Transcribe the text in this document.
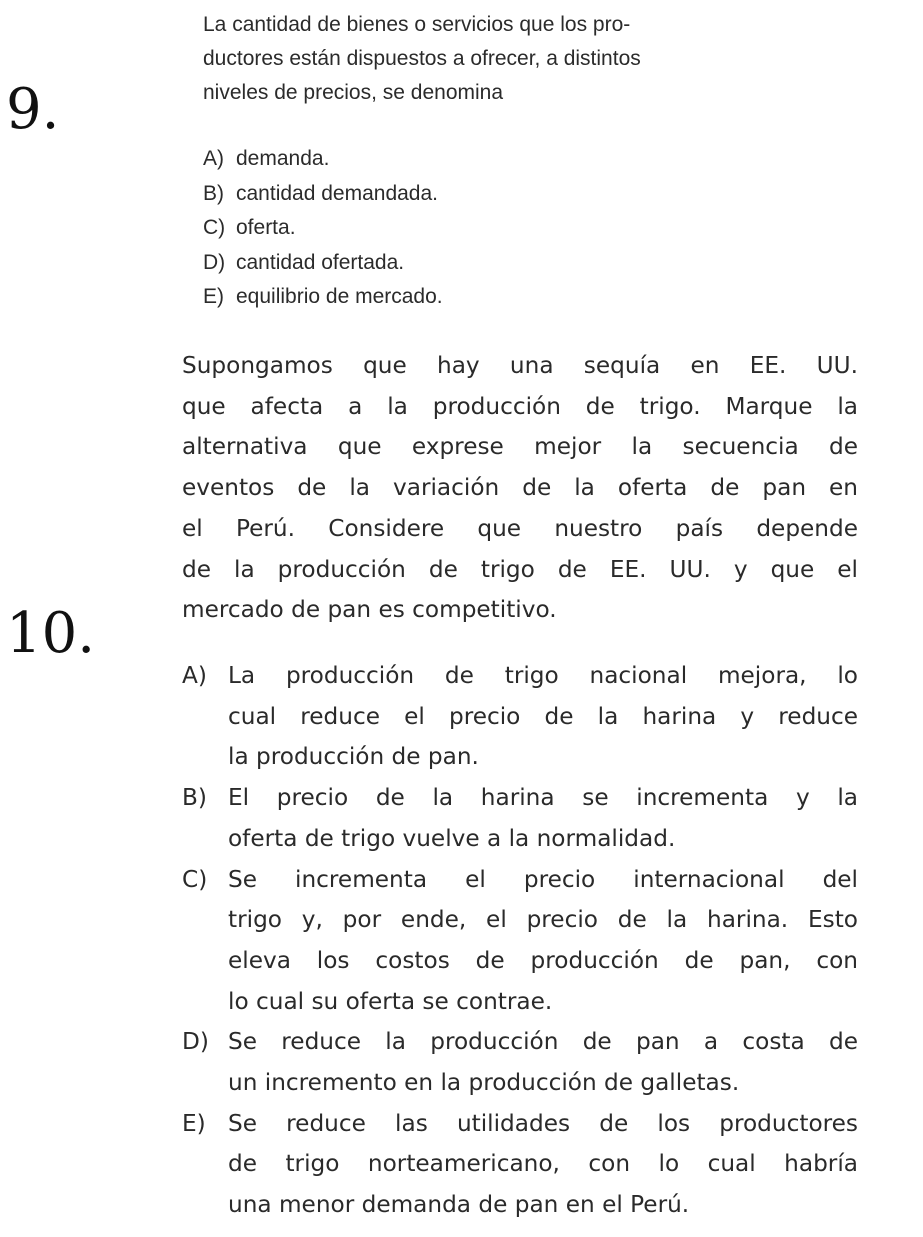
9.
La cantidad de bienes o servicios que los pro-
ductores están dispuestos a ofrecer, a distintos
niveles de precios, se denomina
A) demanda.
B) cantidad demandada.
C) oferta.
D) cantidad ofertada.
E) equilibrio de mercado.
10.
Supongamos que hay una sequía en EE. UU.
que afecta a la producción de trigo. Marque la
alternativa que exprese mejor la secuencia de
eventos de la variación de la oferta de pan en
el Perú. Considere que nuestro país depende
de la producción de trigo de EE. UU. y que el
mercado de pan es competitivo.
A) La producción de trigo nacional mejora, lo
cual reduce el precio de la harina y reduce
la producción de pan.
B) El precio de la harina se incrementa y la
oferta de trigo vuelve a la normalidad.
C) Se incrementa el precio internacional del
trigo y, por ende, el precio de la harina. Esto
eleva los costos de producción de pan, con
lo cual su oferta se contrae.
D) Se reduce la producción de pan a costa de
un incremento en la producción de galletas.
E) Se reduce las utilidades de los productores
de trigo norteamericano, con lo cual habría
una menor demanda de pan en el Perú.
